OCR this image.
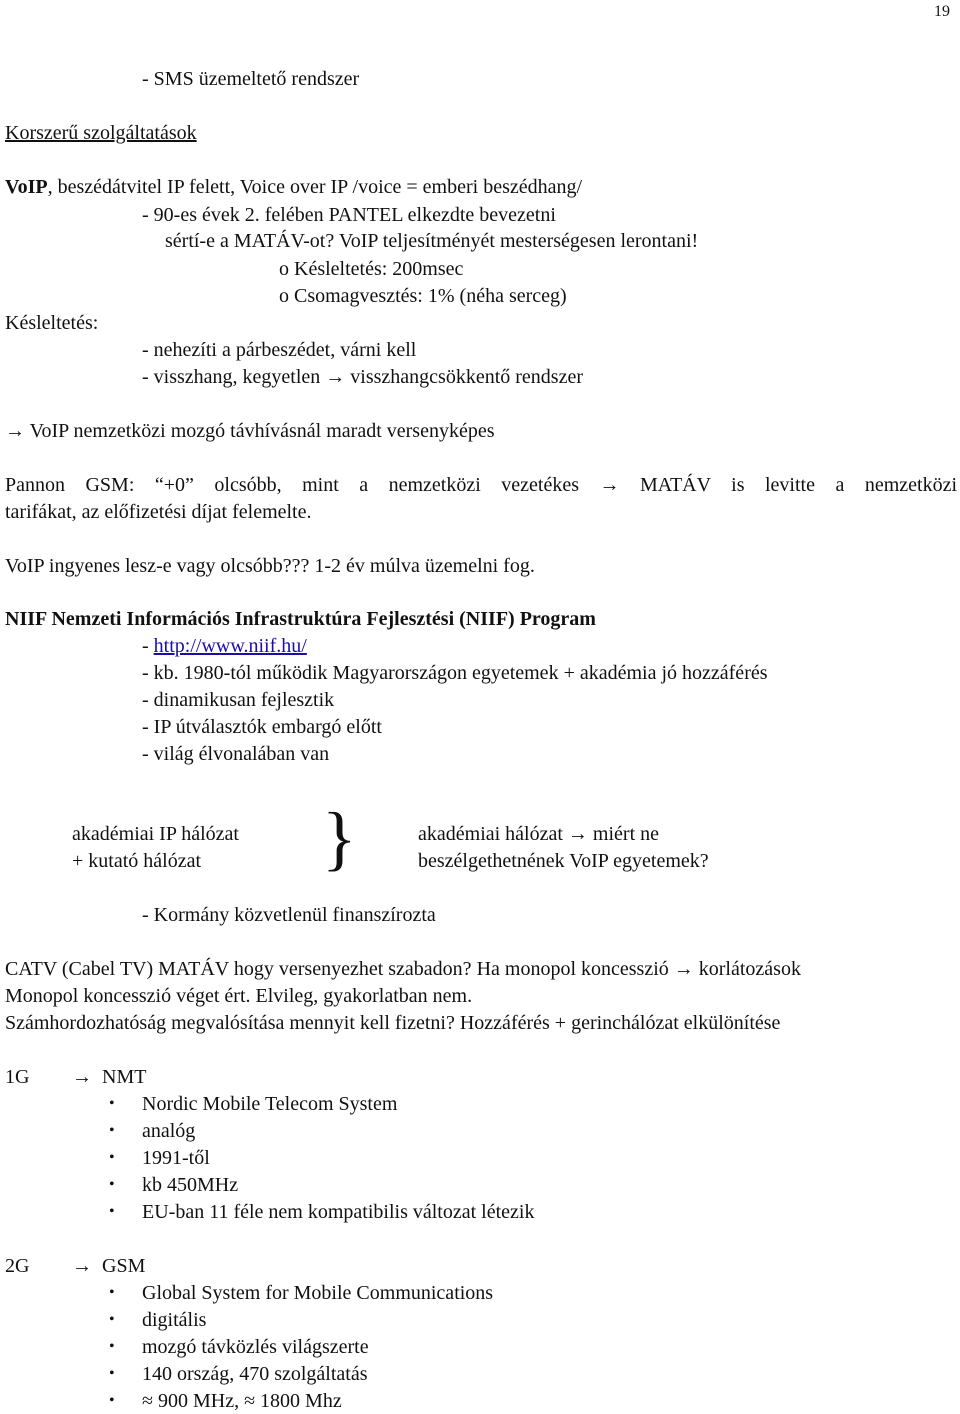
19
- SMS üzemeltető rendszer
Korszerű szolgáltatások
VoIP, beszédátvitel IP felett, Voice over IP /voice = emberi beszédhang/
- 90-es évek 2. felében PANTEL elkezdte bevezetni
sértí-e a MATÁV-ot? VoIP teljesítményét mesterségesen lerontani!
o Késleltetés: 200msec
o Csomagvesztés: 1% (néha serceg)
Késleltetés:
- nehezíti a párbeszédet, várni kell
- visszhang, kegyetlen → visszhangcsökkentő rendszer
→ VoIP nemzetközi mozgó távhívásnál maradt versenyképes
Pannon GSM: “+0” olcsóbb, mint a nemzetközi vezetékes → MATÁV is levitte a nemzetközi
tarifákat, az előfizetési díjat felemelte.
VoIP ingyenes lesz-e vagy olcsóbb??? 1-2 év múlva üzemelni fog.
NIIF Nemzeti Információs Infrastruktúra Fejlesztési (NIIF) Program
- http://www.niif.hu/
- kb. 1980-tól működik Magyarországon egyetemek + akadémia jó hozzáférés
- dinamikusan fejlesztik
- IP útválasztók embargó előtt
- világ élvonalában van
akadémiai IP hálózat
+ kutató hálózat }	akadémiai hálózat → miért ne
beszélgethetnének VoIP egyetemek?
- Kormány közvetlenül finanszírozta
CATV (Cabel TV) MATÁV hogy versenyezhet szabadon? Ha monopol koncesszió → korlátozások
Monopol koncesszió véget ért. Elvileg, gyakorlatban nem.
Számhordozhatóság megvalósítása mennyit kell fizetni? Hozzáférés + gerinchálózat elkülönítése
1G → NMT
• Nordic Mobile Telecom System
• analóg
• 1991-től
• kb 450MHz
• EU-ban 11 féle nem kompatibilis változat létezik
2G → GSM
• Global System for Mobile Communications
• digitális
• mozgó távközlés világszerte
• 140 ország, 470 szolgáltatás
• ≈ 900 MHz, ≈ 1800 Mhz
